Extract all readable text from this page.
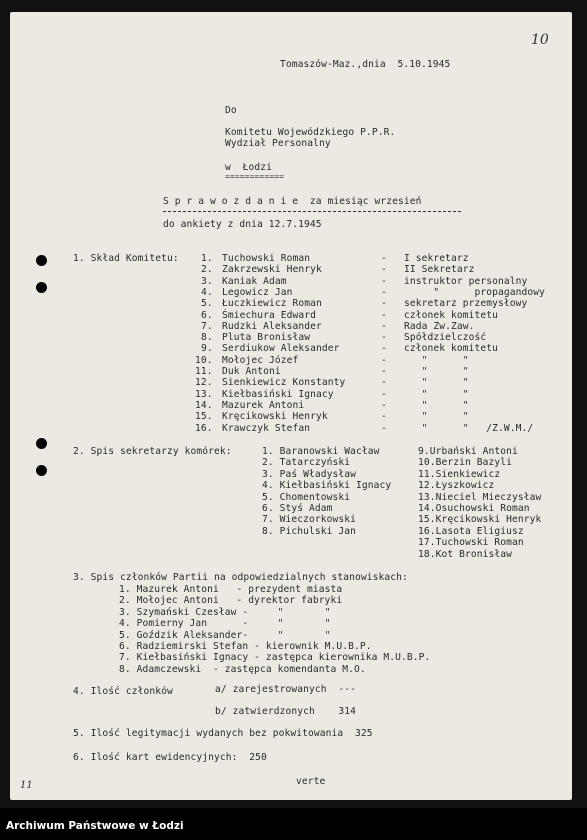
10
Tomaszów-Maz.,dnia  5.10.1945
Do
Komitetu Wojewódzkiego P.P.R.
Wydział Personalny
w  Łodzi
============
S p r a w o z d a n i e  za miesiąc wrzesień
do ankiety z dnia 12.7.1945
1. Skład Komitetu: 1. Tuchowski Roman	- I sekretarz
2. Zakrzewski Henryk	- II Sekretarz
3. Kaniak Adam	- instruktor personalny
4. Legowicz Jan	- "      propagandowy
5. Łuczkiewicz Roman	- sekretarz przemysłowy
6. Śmiechura Edward	- członek komitetu
7. Rudzki Aleksander	- Rada Zw.Zaw.
8. Pluta Bronisław	- Spółdzielczość
9. Serdiukow Aleksander	- członek komitetu
10. Mołojec Józef	- "      "
11. Duk Antoni	- "      "
12. Sienkiewicz Konstanty	- "      "
13. Kiełbasiński Ignacy	- "      "
14. Mazurek Antoni	- "      "
15. Kręcikowski Henryk	- "      "
16. Krawczyk Stefan	- "      "   /Z.W.M./
2. Spis sekretarzy komórek:	1. Baranowski Wacław
2. Tatarczyński
3. Paś Władysław
4. Kiełbasiński Ignacy
5. Chomentowski
6. Styś Adam
7. Wieczorkowski
8. Pichulski Jan
9.Urbański Antoni
10.Berzin Bazyli
11.Sienkiewicz
12.Łyszkowicz
13.Nieciel Mieczysław
14.Osuchowski Roman
15.Kręcikowski Henryk
16.Lasota Eligiusz
17.Tuchowski Roman
18.Kot Bronisław
3. Spis członków Partii na odpowiedzialnych stanowiskach:
1. Mazurek Antoni   - prezydent miasta
2. Mołojec Antoni   - dyrektor fabryki
3. Szymański Czesław -     "       "
4. Pomierny Jan      -     "       "
5. Goździk Aleksander-     "       "
6. Radziemirski Stefan - kierownik M.U.B.P.
7. Kiełbasiński Ignacy - zastępca kierownika M.U.B.P.
8. Adamczewski  - zastępca komendanta M.O.
4. Ilość członków	a/ zarejestrowanych  ---
b/ zatwierdzonych    314
5. Ilość legitymacji wydanych bez pokwitowania  325
6. Ilość kart ewidencyjnych:  250
verte
11
Archiwum Państwowe w Łodzi
